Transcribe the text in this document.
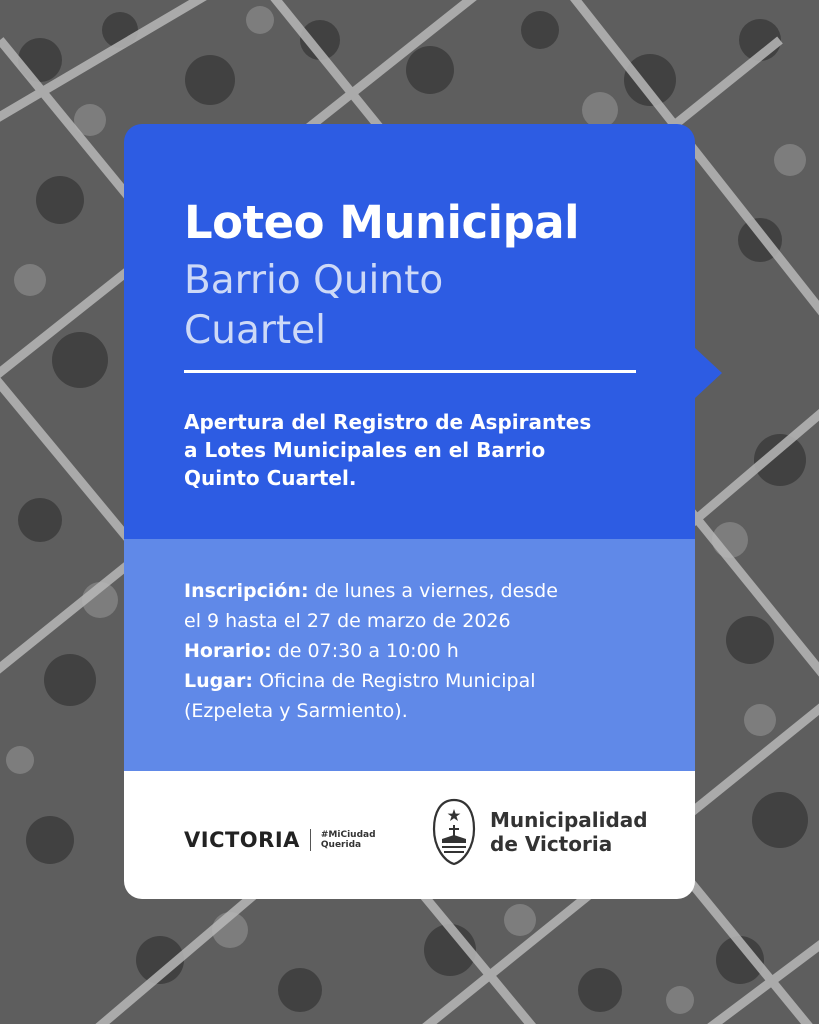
Loteo Municipal
Barrio Quinto
Cuartel

Apertura del Registro de Aspirantes
a Lotes Municipales en el Barrio
Quinto Cuartel.

Inscripción: de lunes a viernes, desde
el 9 hasta el 27 de marzo de 2026
Horario: de 07:30 a 10:00 h
Lugar: Oficina de Registro Municipal
(Ezpeleta y Sarmiento).
VICTORIA #MiCiudad
Querida
Municipalidad
de Victoria
